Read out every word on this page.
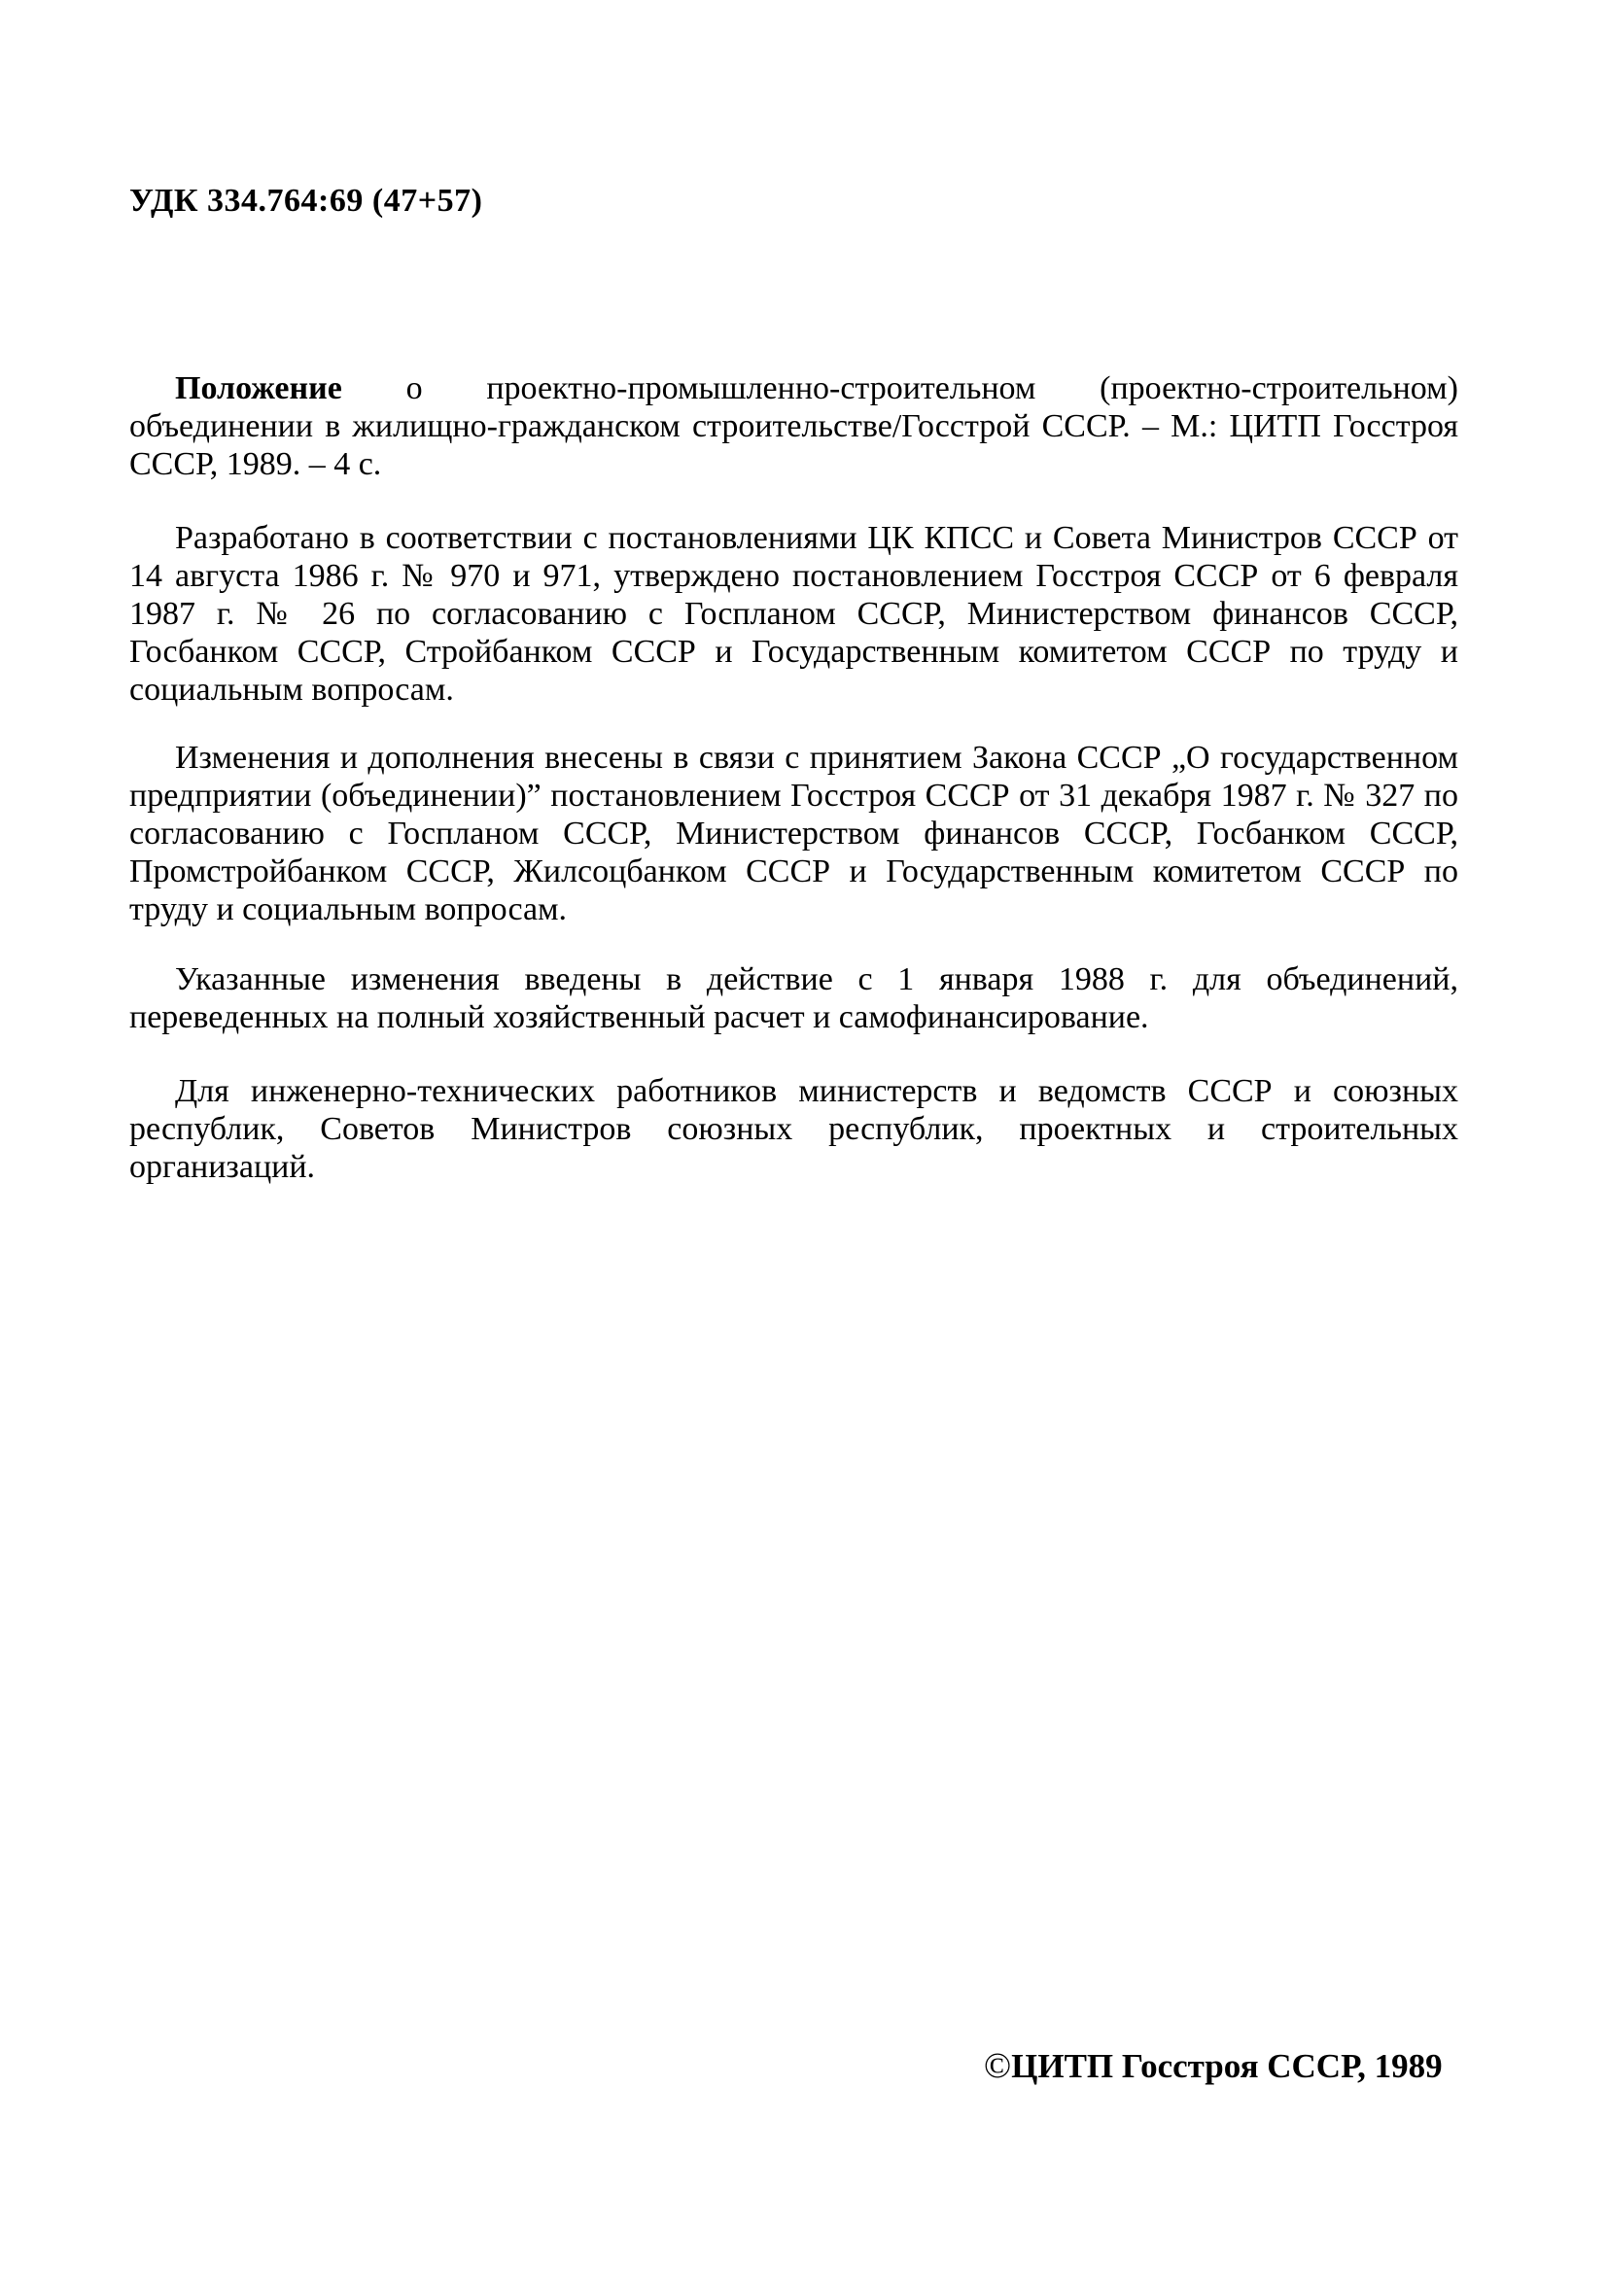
УДК 334.764:69 (47+57)

Положение о проектно-промышленно-строительном (проектно-строительном) объединении в жилищно-гражданском строительстве/Госстрой СССР. – М.: ЦИТП Госстроя СССР, 1989. – 4 с.

Разработано в соответствии с постановлениями ЦК КПСС и Совета Министров СССР от 14 августа 1986 г. № 970 и 971, утверждено постановлением Госстроя СССР от 6 февраля 1987 г. № 26 по согласованию с Госпланом СССР, Министерством финансов СССР, Госбанком СССР, Стройбанком СССР и Государственным комитетом СССР по труду и социальным вопросам.

Изменения и дополнения внесены в связи с принятием Закона СССР „О государственном предприятии (объединении)” постановлением Госстроя СССР от 31 декабря 1987 г. № 327 по согласованию с Госпланом СССР, Министерством финансов СССР, Госбанком СССР, Промстройбанком СССР, Жилсоцбанком СССР и Государственным комитетом СССР по труду и социальным вопросам.

Указанные изменения введены в действие с 1 января 1988 г. для объединений, переведенных на полный хозяйственный расчет и самофинансирование.

Для инженерно-технических работников министерств и ведомств СССР и союзных республик, Советов Министров союзных республик, проектных и строительных организаций.

©ЦИТП Госстроя СССР, 1989
